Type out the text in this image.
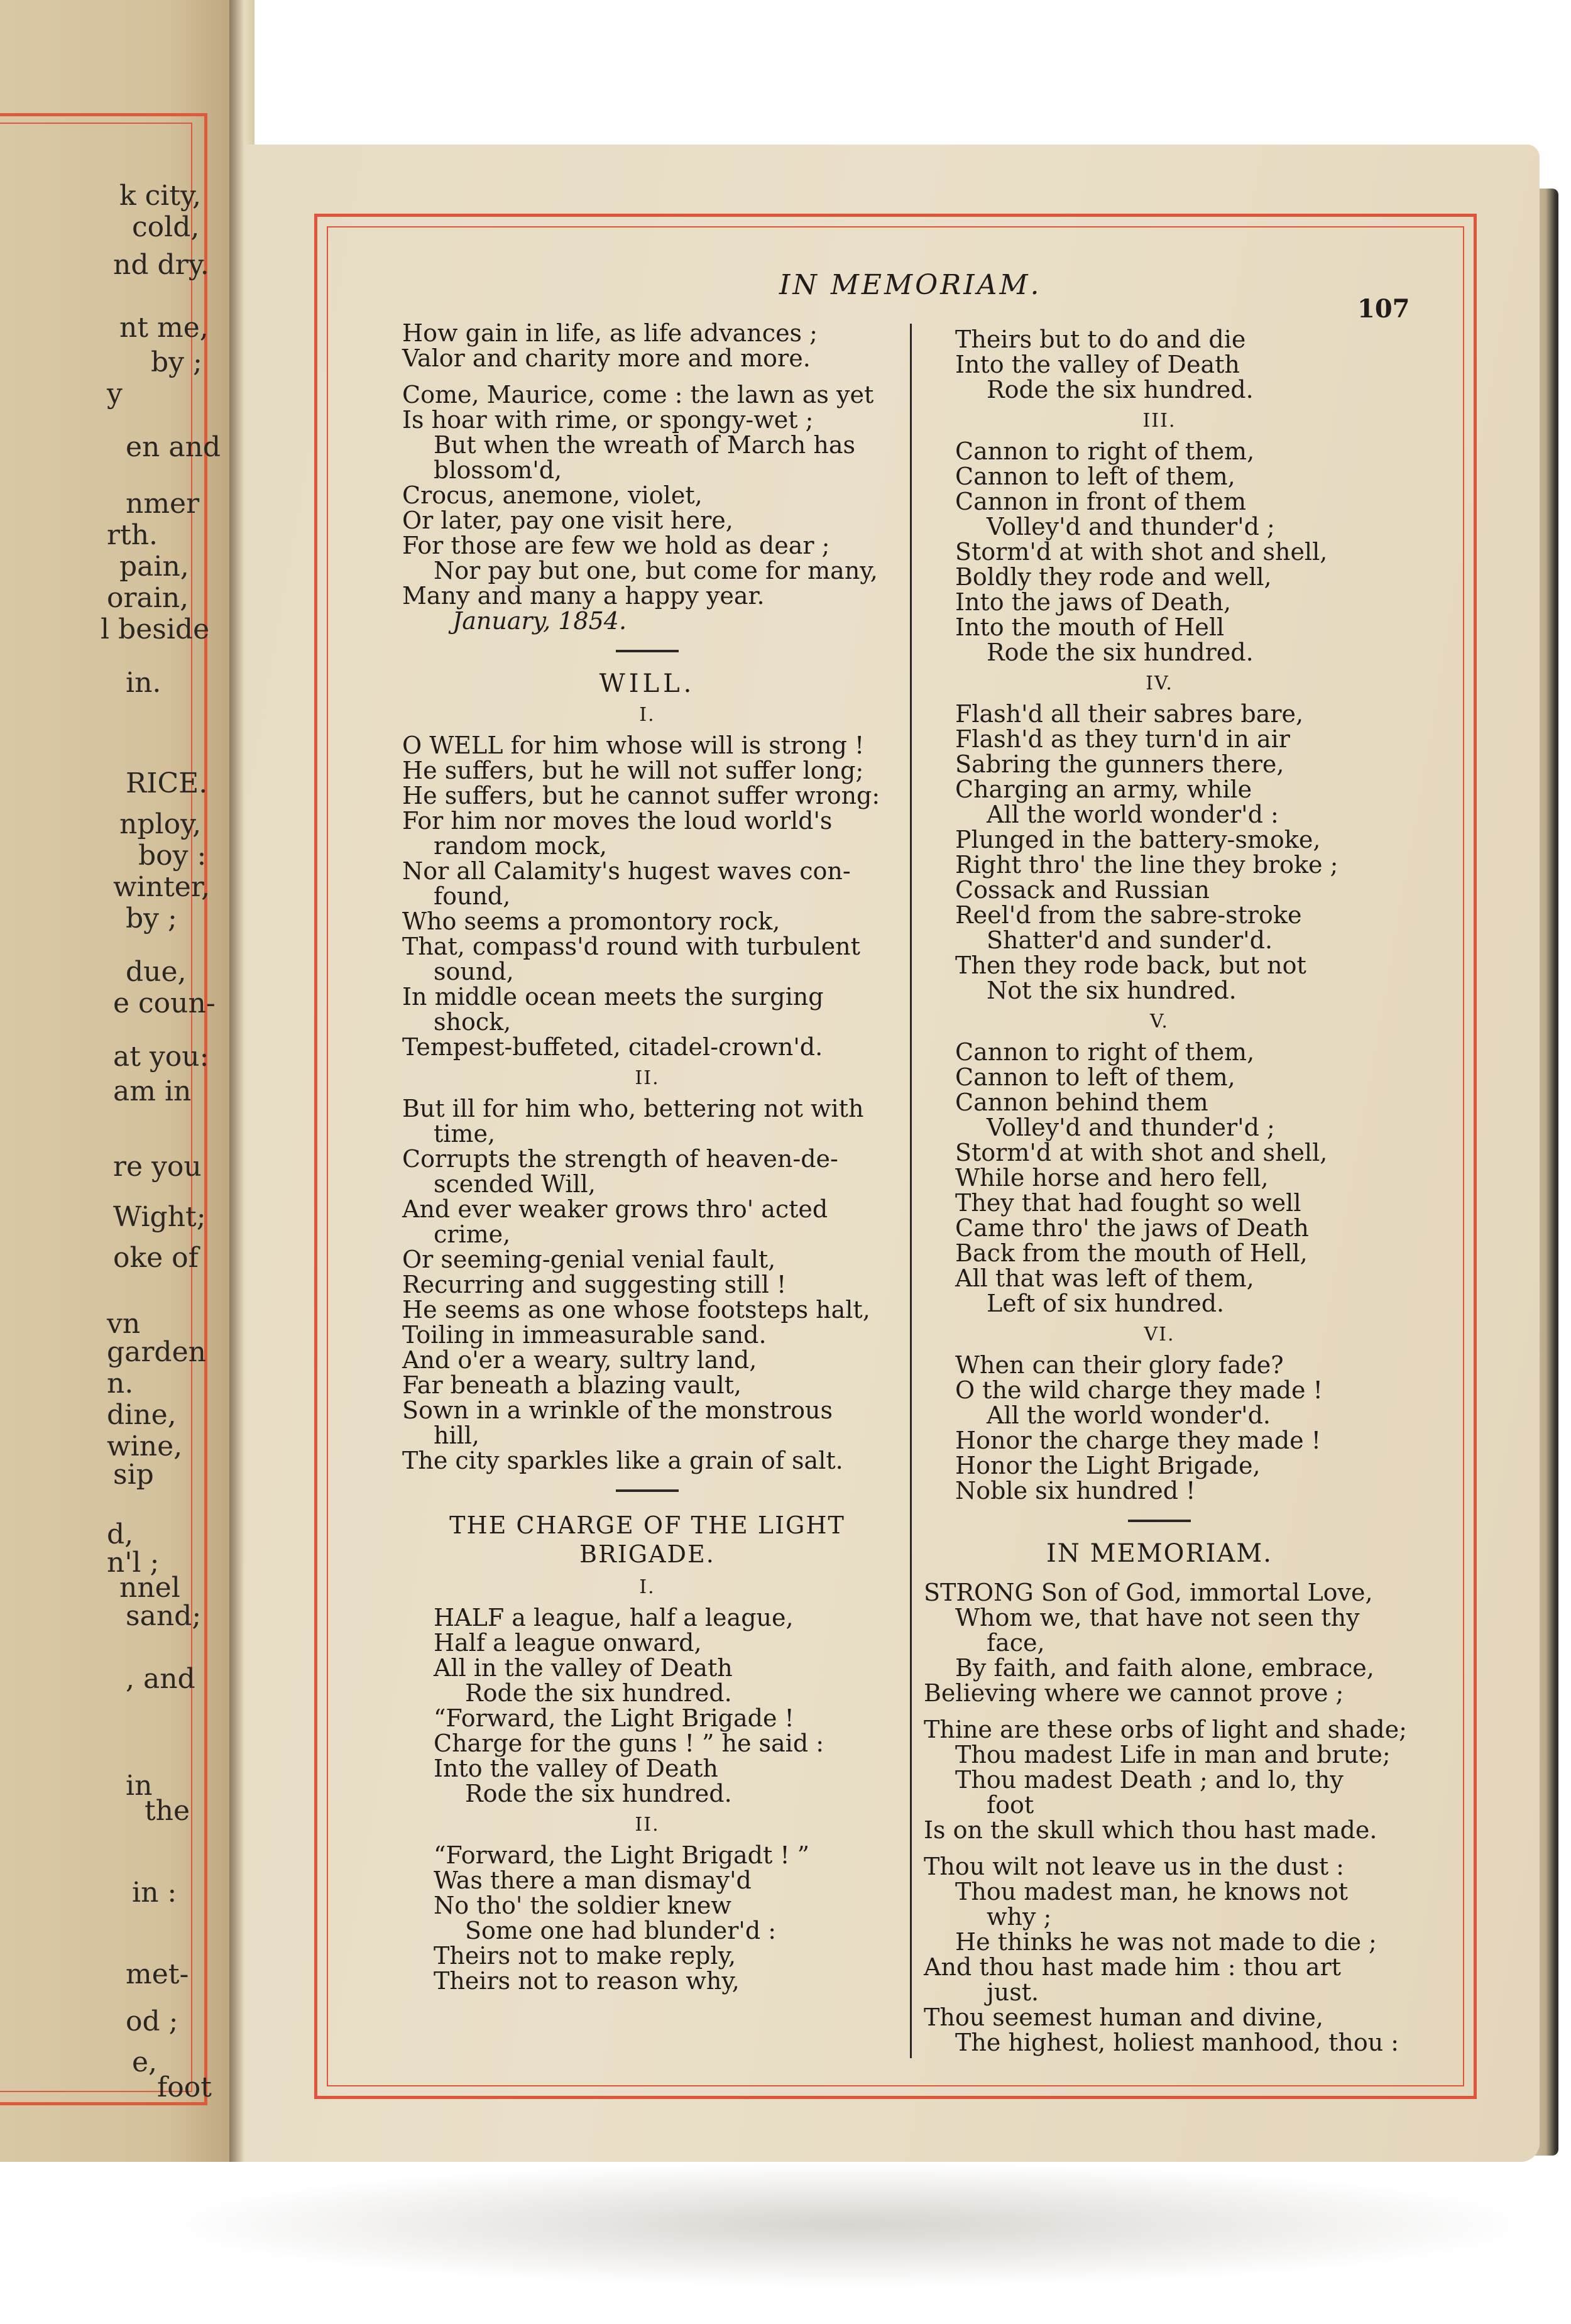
k city,
cold,
nd dry.
nt me,
by ;
y
en and
nmer
rth.
pain,
orain,
l beside
in.
RICE.
nploy,
boy :
winter,
by ;
due,
e coun-
at you:
am in
re you
Wight;
oke of
vn
garden
n.
dine,
wine,
sip
d,
n'l ;
nnel
sand;
, and
in
the
in :
met-
od ;
e,
foot
IN MEMORIAM.
107
How gain in life, as life advances ;
Valor and charity more and more.
Come, Maurice, come : the lawn as yet
Is hoar with rime, or spongy-wet ;
But when the wreath of March has
blossom'd,
Crocus, anemone, violet,
Or later, pay one visit here,
For those are few we hold as dear ;
Nor pay but one, but come for many,
Many and many a happy year.
January, 1854.
WILL.
I.
O WELL for him whose will is strong !
He suffers, but he will not suffer long;
He suffers, but he cannot suffer wrong:
For him nor moves the loud world's
random mock,
Nor all Calamity's hugest waves con-
found,
Who seems a promontory rock,
That, compass'd round with turbulent
sound,
In middle ocean meets the surging
shock,
Tempest-buffeted, citadel-crown'd.
II.
But ill for him who, bettering not with
time,
Corrupts the strength of heaven-de-
scended Will,
And ever weaker grows thro' acted
crime,
Or seeming-genial venial fault,
Recurring and suggesting still !
He seems as one whose footsteps halt,
Toiling in immeasurable sand.
And o'er a weary, sultry land,
Far beneath a blazing vault,
Sown in a wrinkle of the monstrous
hill,
The city sparkles like a grain of salt.
THE CHARGE OF THE LIGHT
BRIGADE.
I.
HALF a league, half a league,
Half a league onward,
All in the valley of Death
Rode the six hundred.
“Forward, the Light Brigade !
Charge for the guns ! ” he said :
Into the valley of Death
Rode the six hundred.
II.
“Forward, the Light Brigadt ! ”
Was there a man dismay'd
No tho' the soldier knew
Some one had blunder'd :
Theirs not to make reply,
Theirs not to reason why,
Theirs but to do and die
Into the valley of Death
Rode the six hundred.
III.
Cannon to right of them,
Cannon to left of them,
Cannon in front of them
Volley'd and thunder'd ;
Storm'd at with shot and shell,
Boldly they rode and well,
Into the jaws of Death,
Into the mouth of Hell
Rode the six hundred.
IV.
Flash'd all their sabres bare,
Flash'd as they turn'd in air
Sabring the gunners there,
Charging an army, while
All the world wonder'd :
Plunged in the battery-smoke,
Right thro' the line they broke ;
Cossack and Russian
Reel'd from the sabre-stroke
Shatter'd and sunder'd.
Then they rode back, but not
Not the six hundred.
V.
Cannon to right of them,
Cannon to left of them,
Cannon behind them
Volley'd and thunder'd ;
Storm'd at with shot and shell,
While horse and hero fell,
They that had fought so well
Came thro' the jaws of Death
Back from the mouth of Hell,
All that was left of them,
Left of six hundred.
VI.
When can their glory fade?
O the wild charge they made !
All the world wonder'd.
Honor the charge they made !
Honor the Light Brigade,
Noble six hundred !
IN MEMORIAM.
STRONG Son of God, immortal Love,
Whom we, that have not seen thy
face,
By faith, and faith alone, embrace,
Believing where we cannot prove ;
Thine are these orbs of light and shade;
Thou madest Life in man and brute;
Thou madest Death ; and lo, thy
foot
Is on the skull which thou hast made.
Thou wilt not leave us in the dust :
Thou madest man, he knows not
why ;
He thinks he was not made to die ;
And thou hast made him : thou art
just.
Thou seemest human and divine,
The highest, holiest manhood, thou :
